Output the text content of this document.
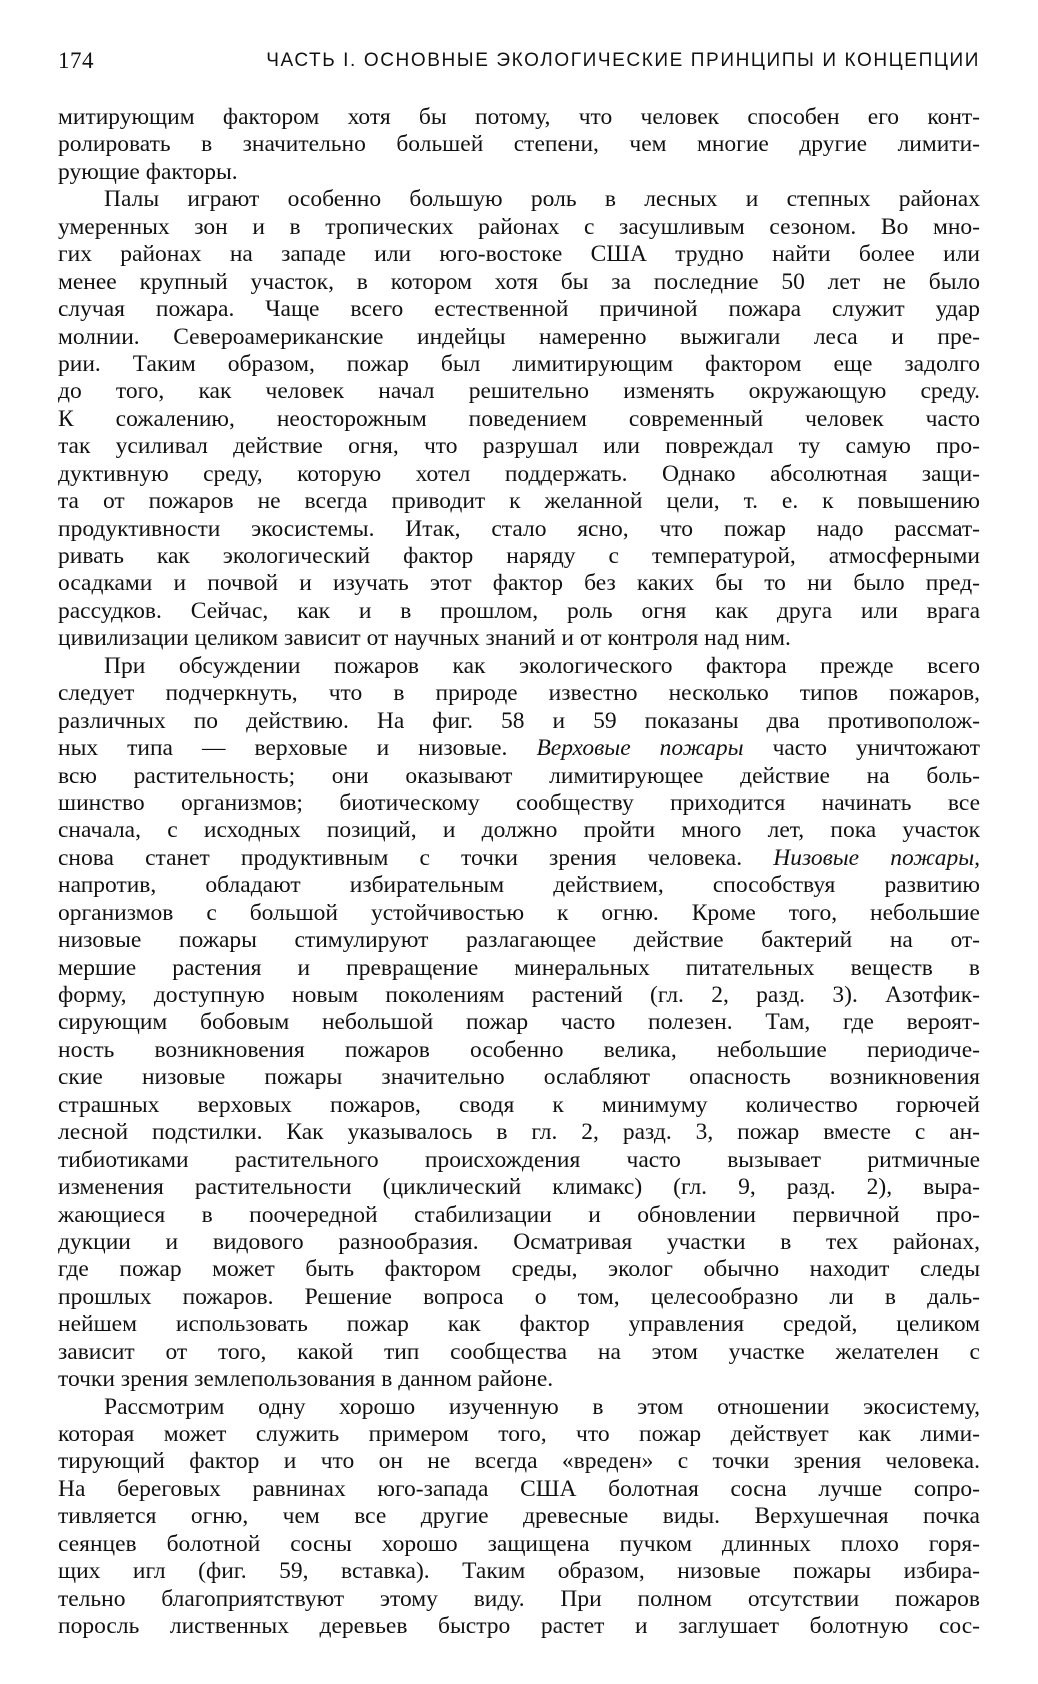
174	ЧАСТЬ I. ОСНОВНЫЕ ЭКОЛОГИЧЕСКИЕ ПРИНЦИПЫ И КОНЦЕПЦИИ
митирующим фактором хотя бы потому, что человек способен его конт-
ролировать в значительно большей степени, чем многие другие лимити-
рующие факторы.
Палы играют особенно большую роль в лесных и степных районах
умеренных зон и в тропических районах с засушливым сезоном. Во мно-
гих районах на западе или юго-востоке США трудно найти более или
менее крупный участок, в котором хотя бы за последние 50 лет не было
случая пожара. Чаще всего естественной причиной пожара служит удар
молнии. Североамериканские индейцы намеренно выжигали леса и пре-
рии. Таким образом, пожар был лимитирующим фактором еще задолго
до того, как человек начал решительно изменять окружающую среду.
К сожалению, неосторожным поведением современный человек часто
так усиливал действие огня, что разрушал или повреждал ту самую про-
дуктивную среду, которую хотел поддержать. Однако абсолютная защи-
та от пожаров не всегда приводит к желанной цели, т. е. к повышению
продуктивности экосистемы. Итак, стало ясно, что пожар надо рассмат-
ривать как экологический фактор наряду с температурой, атмосферными
осадками и почвой и изучать этот фактор без каких бы то ни было пред-
рассудков. Сейчас, как и в прошлом, роль огня как друга или врага
цивилизации целиком зависит от научных знаний и от контроля над ним.
При обсуждении пожаров как экологического фактора прежде всего
следует подчеркнуть, что в природе известно несколько типов пожаров,
различных по действию. На фиг. 58 и 59 показаны два противополож-
ных типа — верховые и низовые. Верховые пожары часто уничтожают
всю растительность; они оказывают лимитирующее действие на боль-
шинство организмов; биотическому сообществу приходится начинать все
сначала, с исходных позиций, и должно пройти много лет, пока участок
снова станет продуктивным с точки зрения человека. Низовые пожары,
напротив, обладают избирательным действием, способствуя развитию
организмов с большой устойчивостью к огню. Кроме того, небольшие
низовые пожары стимулируют разлагающее действие бактерий на от-
мершие растения и превращение минеральных питательных веществ в
форму, доступную новым поколениям растений (гл. 2, разд. 3). Азотфик-
сирующим бобовым небольшой пожар часто полезен. Там, где вероят-
ность возникновения пожаров особенно велика, небольшие периодиче-
ские низовые пожары значительно ослабляют опасность возникновения
страшных верховых пожаров, сводя к минимуму количество горючей
лесной подстилки. Как указывалось в гл. 2, разд. 3, пожар вместе с ан-
тибиотиками растительного происхождения часто вызывает ритмичные
изменения растительности (циклический климакс) (гл. 9, разд. 2), выра-
жающиеся в поочередной стабилизации и обновлении первичной про-
дукции и видового разнообразия. Осматривая участки в тех районах,
где пожар может быть фактором среды, эколог обычно находит следы
прошлых пожаров. Решение вопроса о том, целесообразно ли в даль-
нейшем использовать пожар как фактор управления средой, целиком
зависит от того, какой тип сообщества на этом участке желателен с
точки зрения землепользования в данном районе.
Рассмотрим одну хорошо изученную в этом отношении экосистему,
которая может служить примером того, что пожар действует как лими-
тирующий фактор и что он не всегда «вреден» с точки зрения человека.
На береговых равнинах юго-запада США болотная сосна лучше сопро-
тивляется огню, чем все другие древесные виды. Верхушечная почка
сеянцев болотной сосны хорошо защищена пучком длинных плохо горя-
щих игл (фиг. 59, вставка). Таким образом, низовые пожары избира-
тельно благоприятствуют этому виду. При полном отсутствии пожаров
поросль лиственных деревьев быстро растет и заглушает болотную сос-
